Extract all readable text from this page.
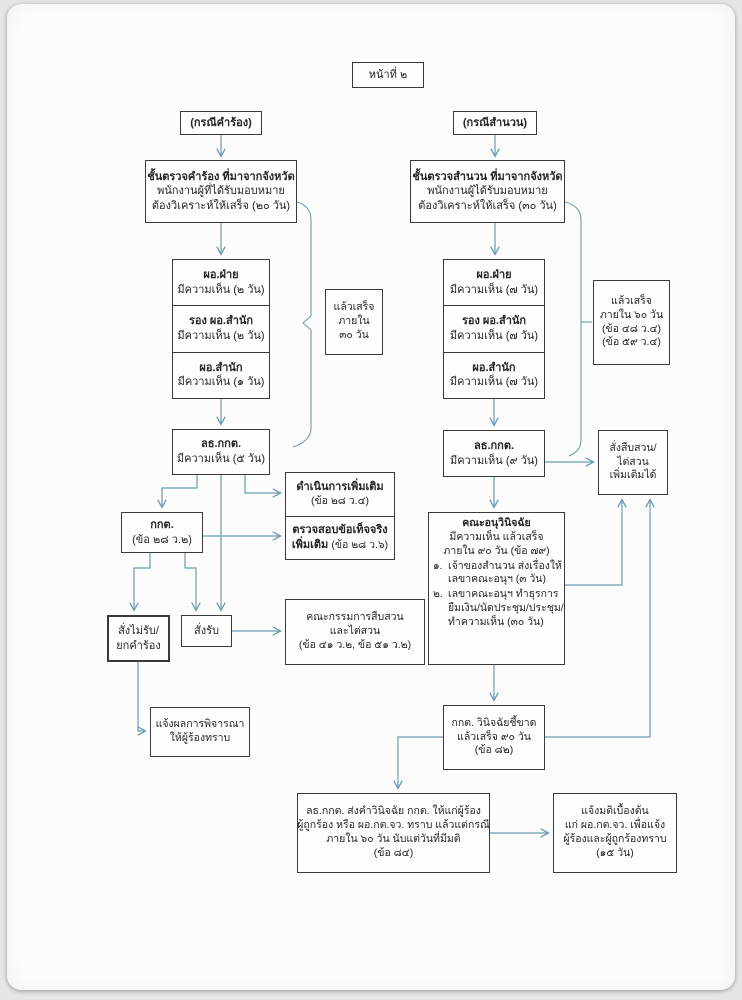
หน้าที่ ๒
(กรณีคำร้อง)	(กรณีสำนวน)
ชั้นตรวจคำร้อง ที่มาจากจังหวัด
พนักงานผู้ที่ได้รับมอบหมาย
ต้องวิเคราะห์ให้เสร็จ (๒๐ วัน)
ชั้นตรวจสำนวน ที่มาจากจังหวัด
พนักงานผู้ได้รับมอบหมาย
ต้องวิเคราะห์ให้เสร็จ (๓๐ วัน)
ผอ.ฝ่าย
มีความเห็น (๒ วัน)
รอง ผอ.สำนัก
มีความเห็น (๒ วัน)
ผอ.สำนัก
มีความเห็น (๑ วัน)
ผอ.ฝ่าย
มีความเห็น (๗ วัน)
รอง ผอ.สำนัก
มีความเห็น (๗ วัน)
ผอ.สำนัก
มีความเห็น (๗ วัน)
แล้วเสร็จ
ภายใน
๓๐ วัน
แล้วเสร็จ
ภายใน ๖๐ วัน
(ข้อ ๔๘ ว.๔)
(ข้อ ๕๙ ว.๔)
ลธ.กกต.
มีความเห็น (๕ วัน)
ลธ.กกต.
มีความเห็น (๙ วัน)
สั่งสืบสวน/
ไต่สวน
เพิ่มเติมได้
ดำเนินการเพิ่มเติม
(ข้อ ๒๘ ว.๔)
ตรวจสอบข้อเท็จจริง
เพิ่มเติม (ข้อ ๒๘ ว.๖)
กกต.
(ข้อ ๒๘ ว.๒)
คณะอนุวินิจฉัย
มีความเห็น แล้วเสร็จ
ภายใน ๙๐ วัน (ข้อ ๗๙)
๑. เจ้าของสำนวน ส่งเรื่องให้
เลขาคณะอนุฯ (๓ วัน)
๒. เลขาคณะอนุฯ ทำธุรการ
ยืมเงิน/นัดประชุม/ประชุม/
ทำความเห็น (๓๐ วัน)
สั่งไม่รับ/
ยกคำร้อง
สั่งรับ
คณะกรรมการสืบสวน
และไต่สวน
(ข้อ ๔๑ ว.๒, ข้อ ๕๑ ว.๒)
แจ้งผลการพิจารณา
ให้ผู้ร้องทราบ
กกต. วินิจฉัยชี้ขาด
แล้วเสร็จ ๙๐ วัน
(ข้อ ๘๒)
ลธ.กกต. ส่งคำวินิจฉัย กกต. ให้แก่ผู้ร้อง
ผู้ถูกร้อง หรือ ผอ.กต.จว. ทราบ แล้วแต่กรณี
ภายใน ๖๐ วัน นับแต่วันที่มีมติ
(ข้อ ๘๔)
แจ้งมติเบื้องต้น
แก่ ผอ.กต.จว. เพื่อแจ้ง
ผู้ร้องและผู้ถูกร้องทราบ
(๑๕ วัน)
